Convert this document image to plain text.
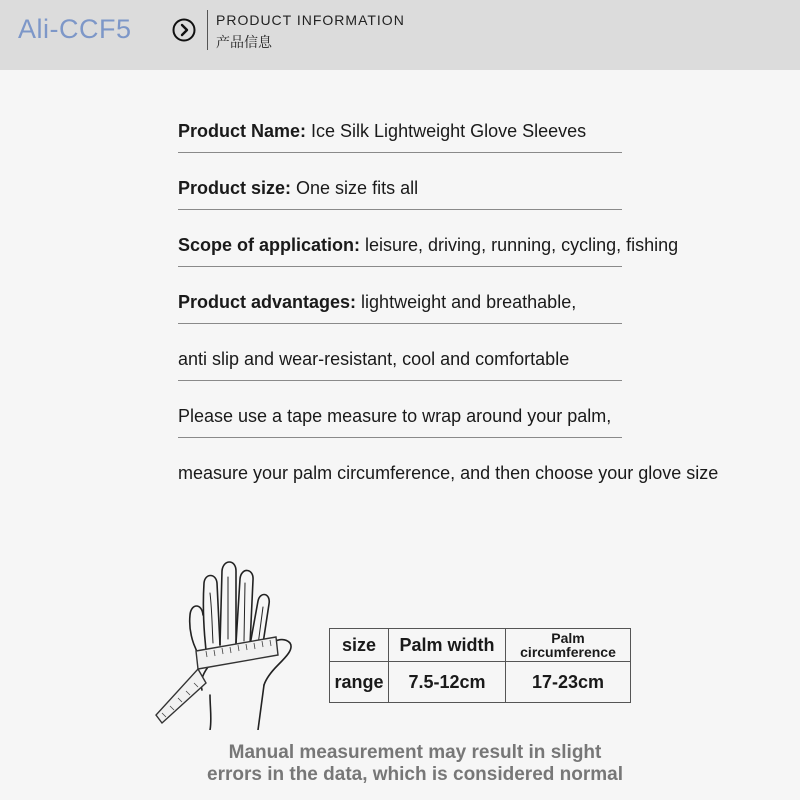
Ali-CCF5	PRODUCT INFORMATION
产品信息
Product Name: Ice Silk Lightweight Glove Sleeves
Product size: One size fits all
Scope of application: leisure, driving, running, cycling, fishing
Product advantages: lightweight and breathable,
anti slip and wear-resistant, cool and comfortable
Please use a tape measure to wrap around your palm,
measure your palm circumference, and then choose your glove size
size	Palm width	Palm circumference
range	7.5-12cm	17-23cm
Manual measurement may result in slight
errors in the data, which is considered normal
